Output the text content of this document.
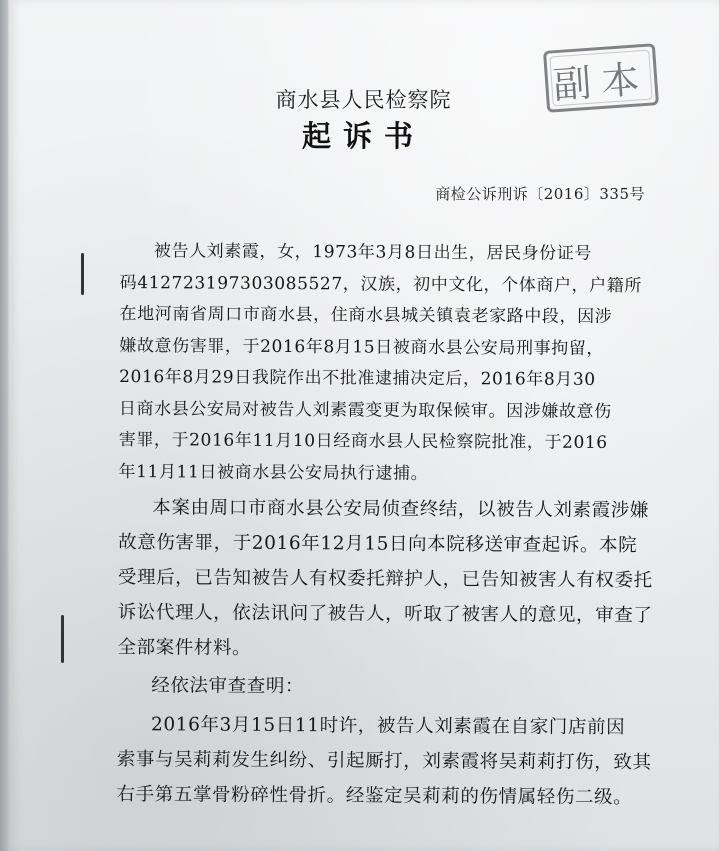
副本
商水县人民检察院
起诉书
商检公诉刑诉〔2016〕335号
被告人刘素霞，女，1973年3月8日出生，居民身份证号
码412723197303085527，汉族，初中文化，个体商户，户籍所
在地河南省周口市商水县，住商水县城关镇袁老家路中段，因涉
嫌故意伤害罪，于2016年8月15日被商水县公安局刑事拘留，
2016年8月29日我院作出不批准逮捕决定后，2016年8月30
日商水县公安局对被告人刘素霞变更为取保候审。因涉嫌故意伤
害罪，于2016年11月10日经商水县人民检察院批准，于2016
年11月11日被商水县公安局执行逮捕。
本案由周口市商水县公安局侦查终结，以被告人刘素霞涉嫌
故意伤害罪，于2016年12月15日向本院移送审查起诉。本院
受理后，已告知被告人有权委托辩护人，已告知被害人有权委托
诉讼代理人，依法讯问了被告人，听取了被害人的意见，审查了
全部案件材料。
经依法审查查明：
2016年3月15日11时许，被告人刘素霞在自家门店前因
索事与吴莉莉发生纠纷、引起厮打，刘素霞将吴莉莉打伤，致其
右手第五掌骨粉碎性骨折。经鉴定吴莉莉的伤情属轻伤二级。
